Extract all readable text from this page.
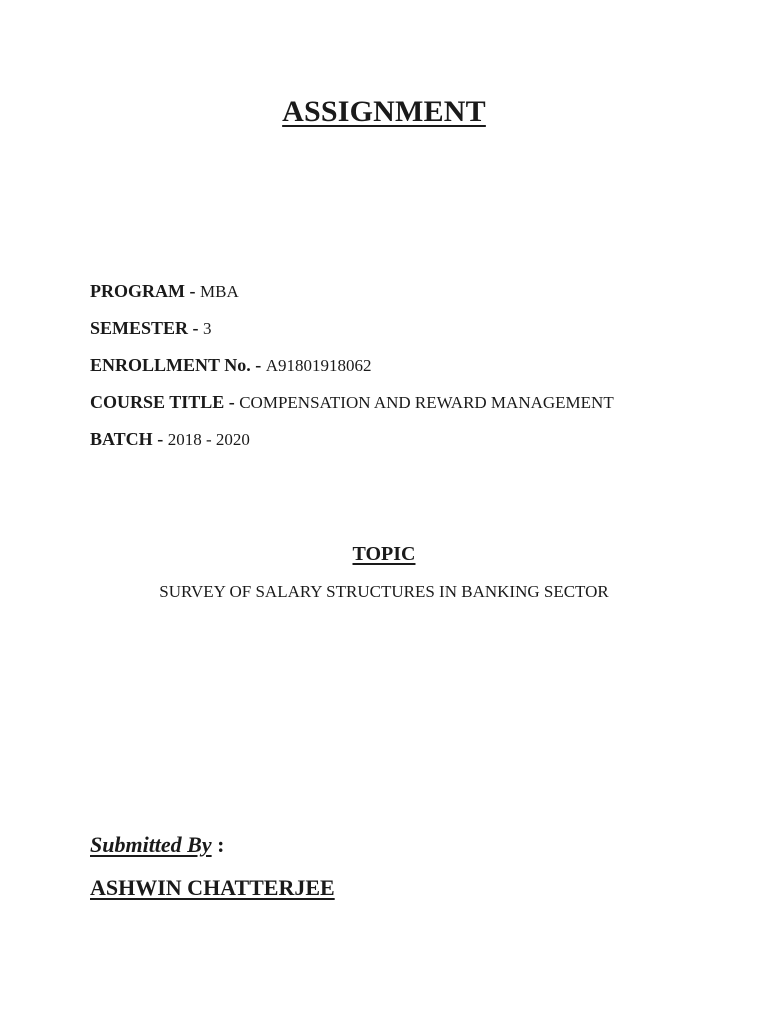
ASSIGNMENT
PROGRAM - MBA
SEMESTER - 3
ENROLLMENT No. - A91801918062
COURSE TITLE - COMPENSATION AND REWARD MANAGEMENT
BATCH - 2018 - 2020
TOPIC
SURVEY OF SALARY STRUCTURES IN BANKING SECTOR
Submitted By :
ASHWIN CHATTERJEE
